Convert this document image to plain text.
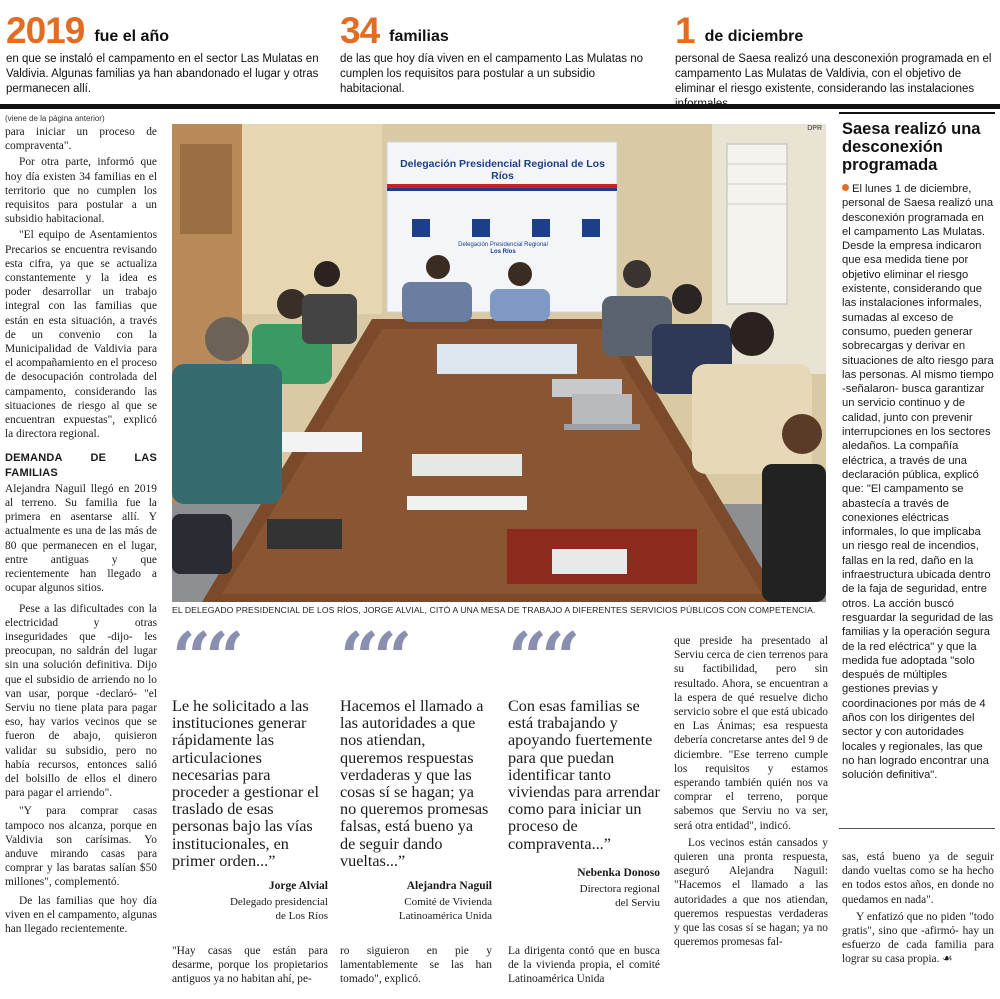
2019 fue el año
en que se instaló el campamento en el sector Las Mulatas en Valdivia. Algunas familias ya han abandonado el lugar y otras permanecen allí.
34 familias
de las que hoy día viven en el campamento Las Mulatas no cumplen los requisitos para postular a un subsidio habitacional.
1 de diciembre
personal de Saesa realizó una desconexión programada en el campamento Las Mulatas de Valdivia, con el objetivo de eliminar el riesgo existente, considerando las instalaciones
(viene de la página anterior)

para iniciar un proceso de compraventa".

Por otra parte, informó que hoy día existen 34 familias en el territorio que no cumplen los requisitos para postular a un subsidio habitacional.

"El equipo de Asentamientos Precarios se encuentra revisando esta cifra, ya que se actualiza constantemente y la idea es poder desarrollar un trabajo integral con las familias que están en esta situación, a través de un convenio con la Municipalidad de Valdivia para el acompañamiento en el proceso de desocupación controlada del campamento, considerando las situaciones de riesgo al que se encuentran expuestas", explicó la directora regional.

DEMANDA DE LAS FAMILIAS

Alejandra Naguil llegó en 2019 al terreno. Su familia fue la primera en asentarse allí. Y actualmente es una de las más de 80 que permanecen en el lugar, entre antiguas y que recientemente han llegado a ocupar algunos sitios.

Pese a las dificultades con la electricidad y otras inseguridades que -dijo- les preocupan, no saldrán del lugar sin una solución definitiva. Dijo que el subsidio de arriendo no lo van usar, porque -declaró- "el Serviu no tiene plata para pagar eso, hay varios vecinos que se fueron de abajo, quisieron validar su subsidio, pero no había recursos, entonces salió del bolsillo de ellos el dinero para pagar el arriendo".

"Y para comprar casas tampoco nos alcanza, porque en Valdivia son carísimas. Yo anduve mirando casas para comprar y las baratas salían $50 millones", complementó.

De las familias que hoy día viven en el campamento, algunas han llegado recientemente.

DPR
Delegación Presidencial Regional de Los Ríos
Delegación Presidencial Regional
Los Ríos
EL DELEGADO PRESIDENCIAL DE LOS RÍOS, JORGE ALVIAL, CITÓ A UNA MESA DE TRABAJO A DIFERENTES SERVICIOS PÚBLICOS CON COMPETENCIA.
Saesa realizó una desconexión programada
El lunes 1 de diciembre, personal de Saesa realizó una desconexión programada en el campamento Las Mulatas. Desde la empresa indicaron que esa medida tiene por objetivo eliminar el riesgo existente, considerando que las instalaciones informales, sumadas al exceso de consumo, pueden generar sobrecargas y derivar en situaciones de alto riesgo para las personas. Al mismo tiempo -señalaron- busca garantizar un servicio continuo y de calidad, junto con prevenir interrupciones en los sectores aledaños. La compañía eléctrica, a través de una declaración pública, explicó que: "El campamento se abastecía a través de conexiones eléctricas informales, lo que implicaba un riesgo real de incendios, fallas en la red, daño en la infraestructura ubicada dentro de la faja de seguridad, entre otros. La acción buscó resguardar la seguridad de las familias y la operación segura de la red eléctrica" y que la medida fue adoptada "solo después de múltiples gestiones previas y coordinaciones por más de 4 años con los dirigentes del sector y con autoridades locales y regionales, las que no han logrado encontrar una solución definitiva".
““
Le he solicitado a las instituciones generar rápidamente las articulaciones necesarias para proceder a gestionar el traslado de esas personas bajo las vías institucionales, en primer orden...”
Jorge Alvial
Delegado presidencial
de Los Ríos
““
Hacemos el llamado a las autoridades a que nos atiendan, queremos respuestas verdaderas y que las cosas sí se hagan; ya no queremos promesas falsas, está bueno ya de seguir dando vueltas...”
Alejandra Naguil
Comité de Vivienda
Latinoamérica Unida
““
Con esas familias se está trabajando y apoyando fuertemente para que puedan identificar tanto viviendas para arrendar como para iniciar un proceso de compraventa...”
Nebenka Donoso
Directora regional
del Serviu
"Hay casas que están para desarme, porque los propietarios antiguos ya no habitan ahí, pe-
ro siguieron en pie y lamentablemente se las han tomado", explicó.
La dirigenta contó que en busca de la vivienda propia, el comité Latinoamérica Unida

que preside ha presentado al Serviu cerca de cien terrenos para su factibilidad, pero sin resultado. Ahora, se encuentran a la espera de qué resuelve dicho servicio sobre el que está ubicado en Las Ánimas; esa respuesta debería concretarse antes del 9 de diciembre. "Ese terreno cumple los requisitos y estamos esperando también quién nos va comprar el terreno, porque sabemos que Serviu no va ser, será otra entidad", indicó.

Los vecinos están cansados y quieren una pronta respuesta, aseguró Alejandra Naguil: "Hacemos el llamado a las autoridades a que nos atiendan, queremos respuestas verdaderas y que las cosas sí se hagan; ya no queremos promesas fal-

sas, está bueno ya de seguir dando vueltas como se ha hecho en todos estos años, en donde no quedamos en nada".

Y enfatizó que no piden "todo gratis", sino que -afirmó- hay un esfuerzo de cada familia para lograr su casa propia. ☙
